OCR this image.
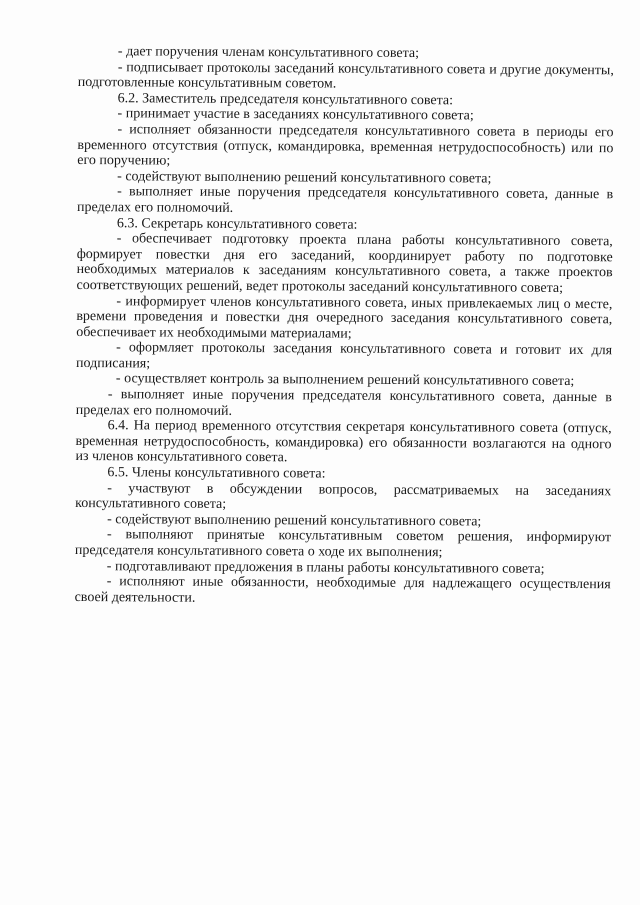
- дает поручения членам консультативного совета;

- подписывает протоколы заседаний консультативного совета и другие документы, подготовленные консультативным советом.

6.2. Заместитель председателя консультативного совета:

- принимает участие в заседаниях консультативного совета;

- исполняет обязанности председателя консультативного совета в периоды его временного отсутствия (отпуск, командировка, временная нетрудоспособность) или по его поручению;

- содействуют выполнению решений консультативного совета;

- выполняет иные поручения председателя консультативного совета, данные в пределах его полномочий.

6.3. Секретарь консультативного совета:

- обеспечивает подготовку проекта плана работы консультативного совета, формирует повестки дня его заседаний, координирует работу по подготовке необходимых материалов к заседаниям консультативного совета, а также проектов соответствующих решений, ведет протоколы заседаний консультативного совета;

- информирует членов консультативного совета, иных привлекаемых лиц о месте, времени проведения и повестки дня очередного заседания консультативного совета, обеспечивает их необходимыми материалами;

- оформляет протоколы заседания консультативного совета и готовит их для подписания;

- осуществляет контроль за выполнением решений консультативного совета;

- выполняет иные поручения председателя консультативного совета, данные в пределах его полномочий.

6.4. На период временного отсутствия секретаря консультативного совета (отпуск, временная нетрудоспособность, командировка) его обязанности возлагаются на одного из членов консультативного совета.

6.5. Члены консультативного совета:

- участвуют в обсуждении вопросов, рассматриваемых на заседаниях консультативного совета;

- содействуют выполнению решений консультативного совета;

- выполняют принятые консультативным советом решения, информируют председателя консультативного совета о ходе их выполнения;

- подготавливают предложения в планы работы консультативного совета;

- исполняют иные обязанности, необходимые для надлежащего осуществления своей деятельности.
